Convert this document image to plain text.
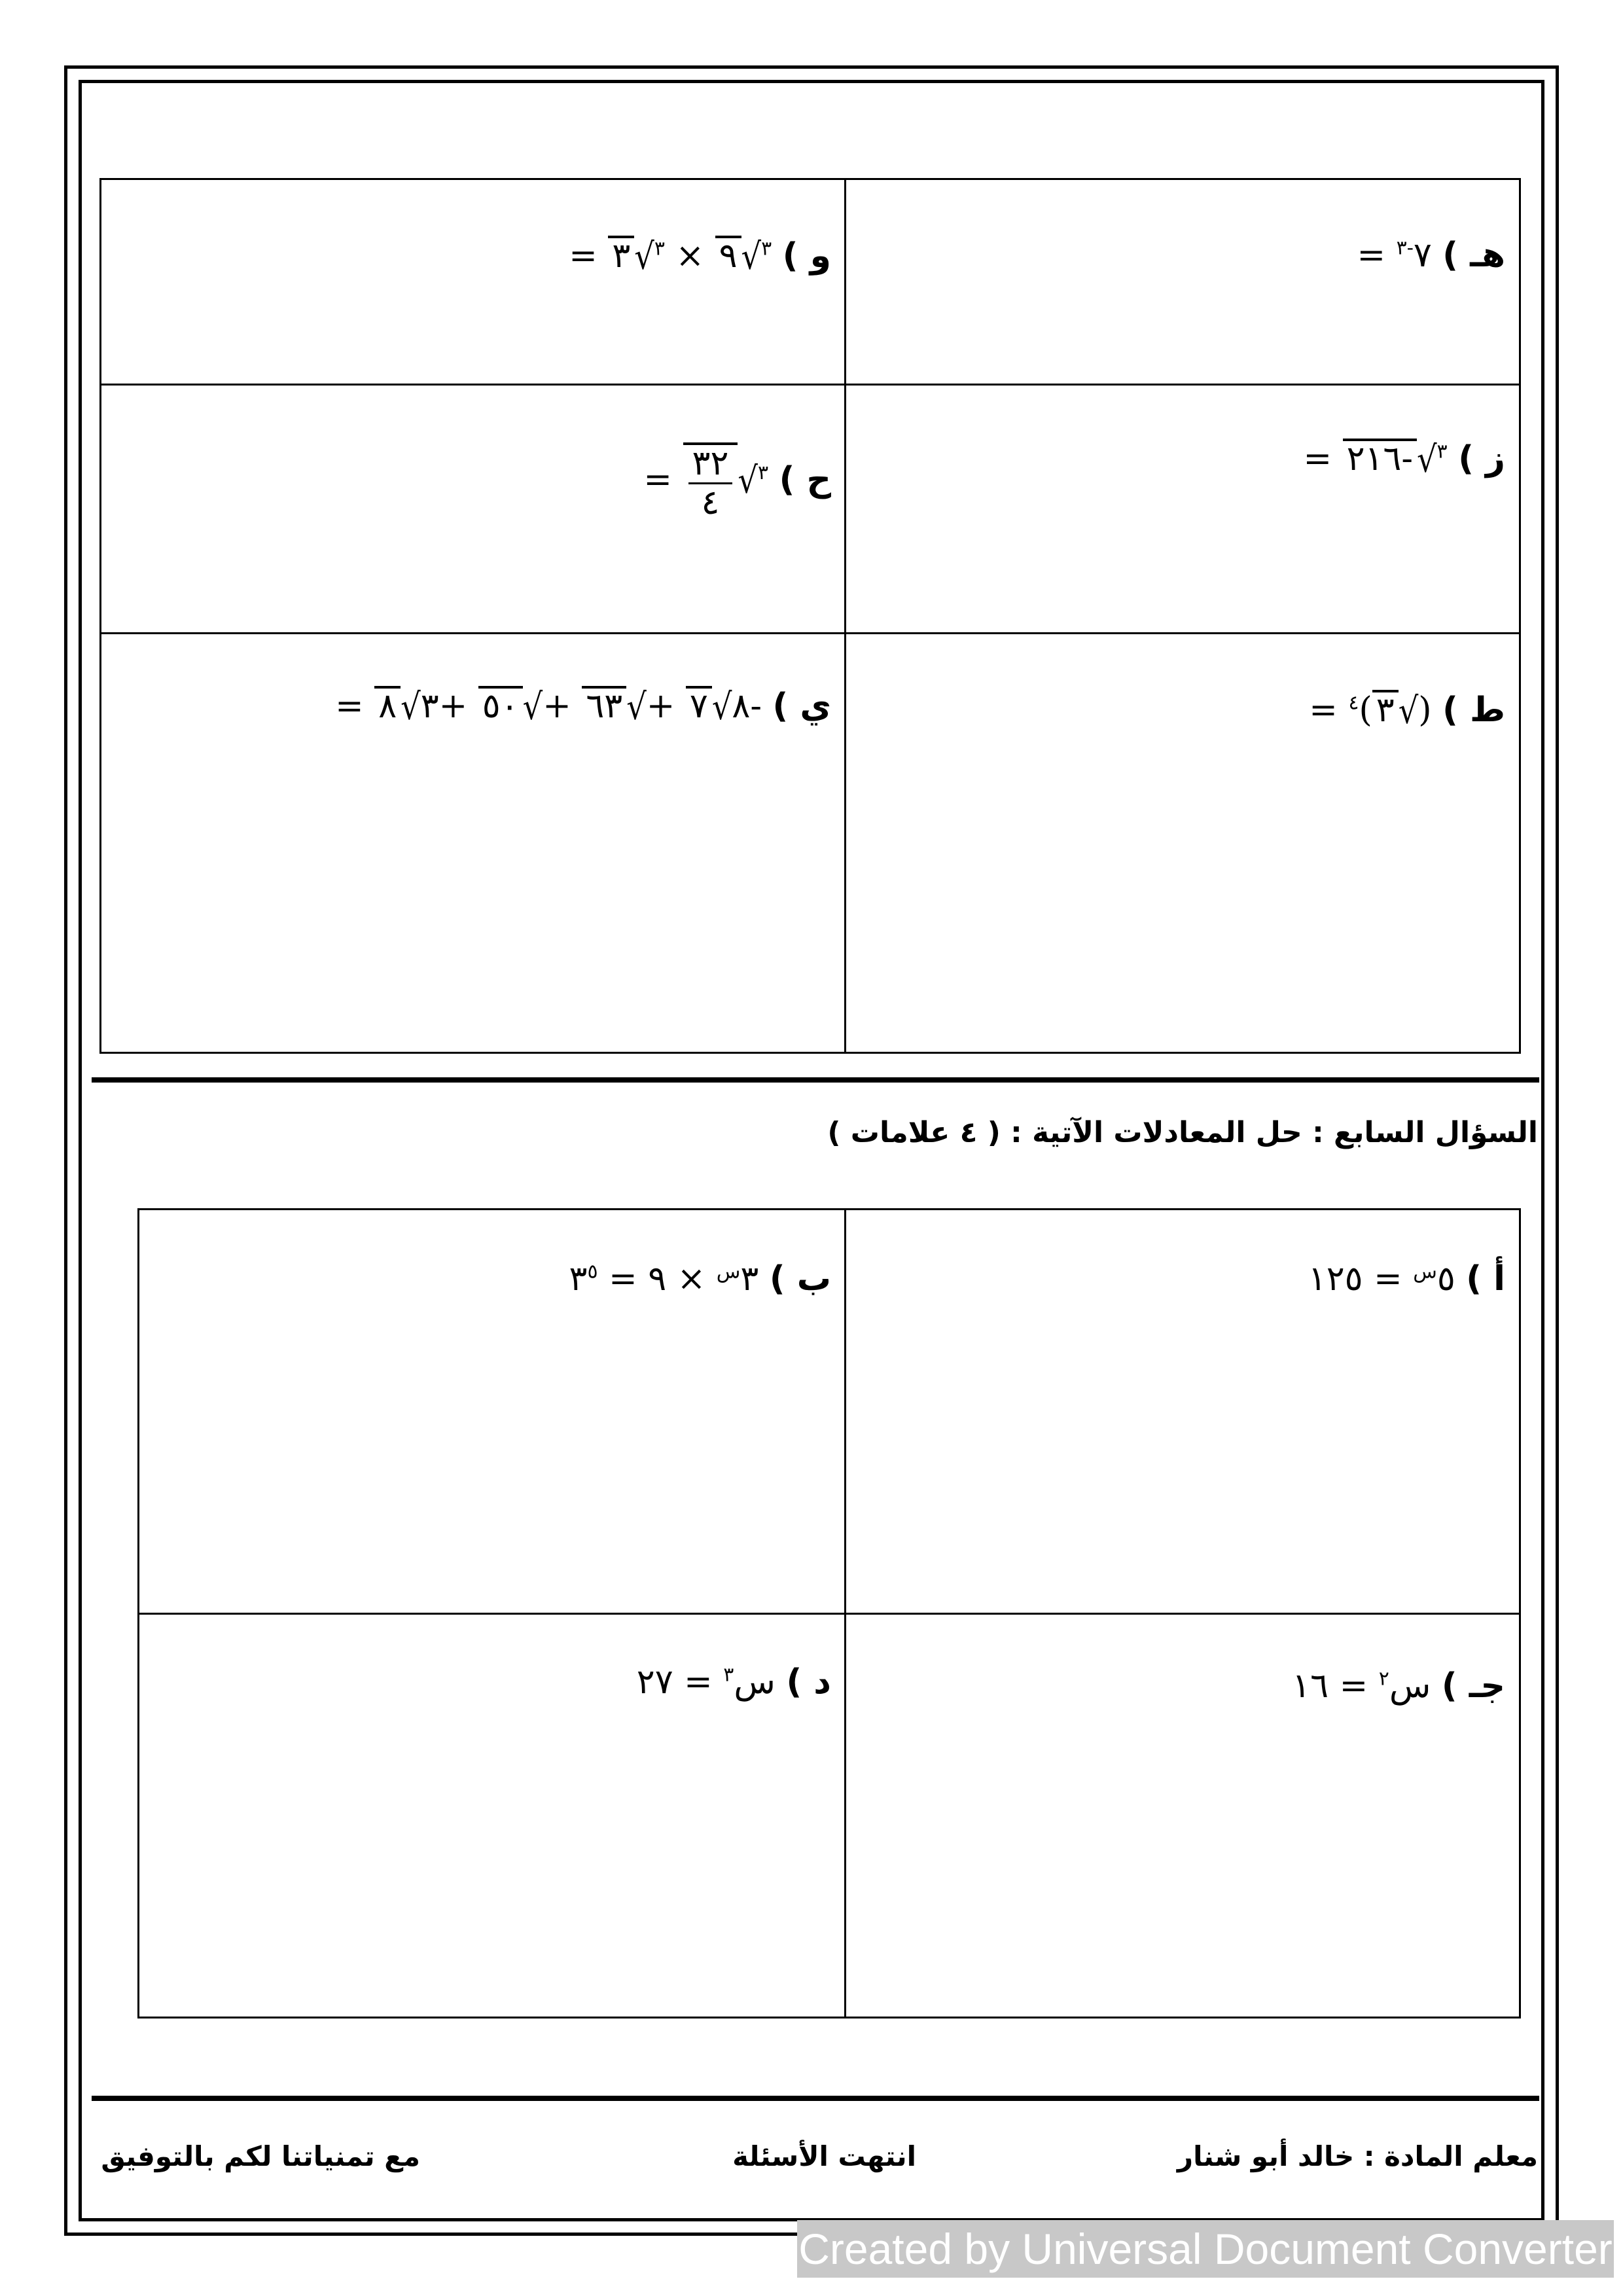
هـ ) $٧^{-٣}$ =
و ) $^٣$√٩ × $^٣$√٣ =
ز ) $^٣$√-٢١٦ =
ح ) $^٣$√
$\frac{٣٢}{٤}$
=
ط ) (√٣)$^٤$ =
ي ) -٨√٧ +√٦٣ +√٥٠ +٣√٨ =
السؤال السابع : حل المعادلات الآتية : ( ٤ علامات )
أ ) $٥^س$ = ١٢٥
ب ) $٣^س$ × ٩ = $٣^٥$
جـ ) س$^٢$ = ١٦
د ) س$^٣$ = ٢٧
معلم المادة : خالد أبو شنار
انتهت الأسئلة
مع تمنياتنا لكم بالتوفيق
Created by Universal Document Converter
